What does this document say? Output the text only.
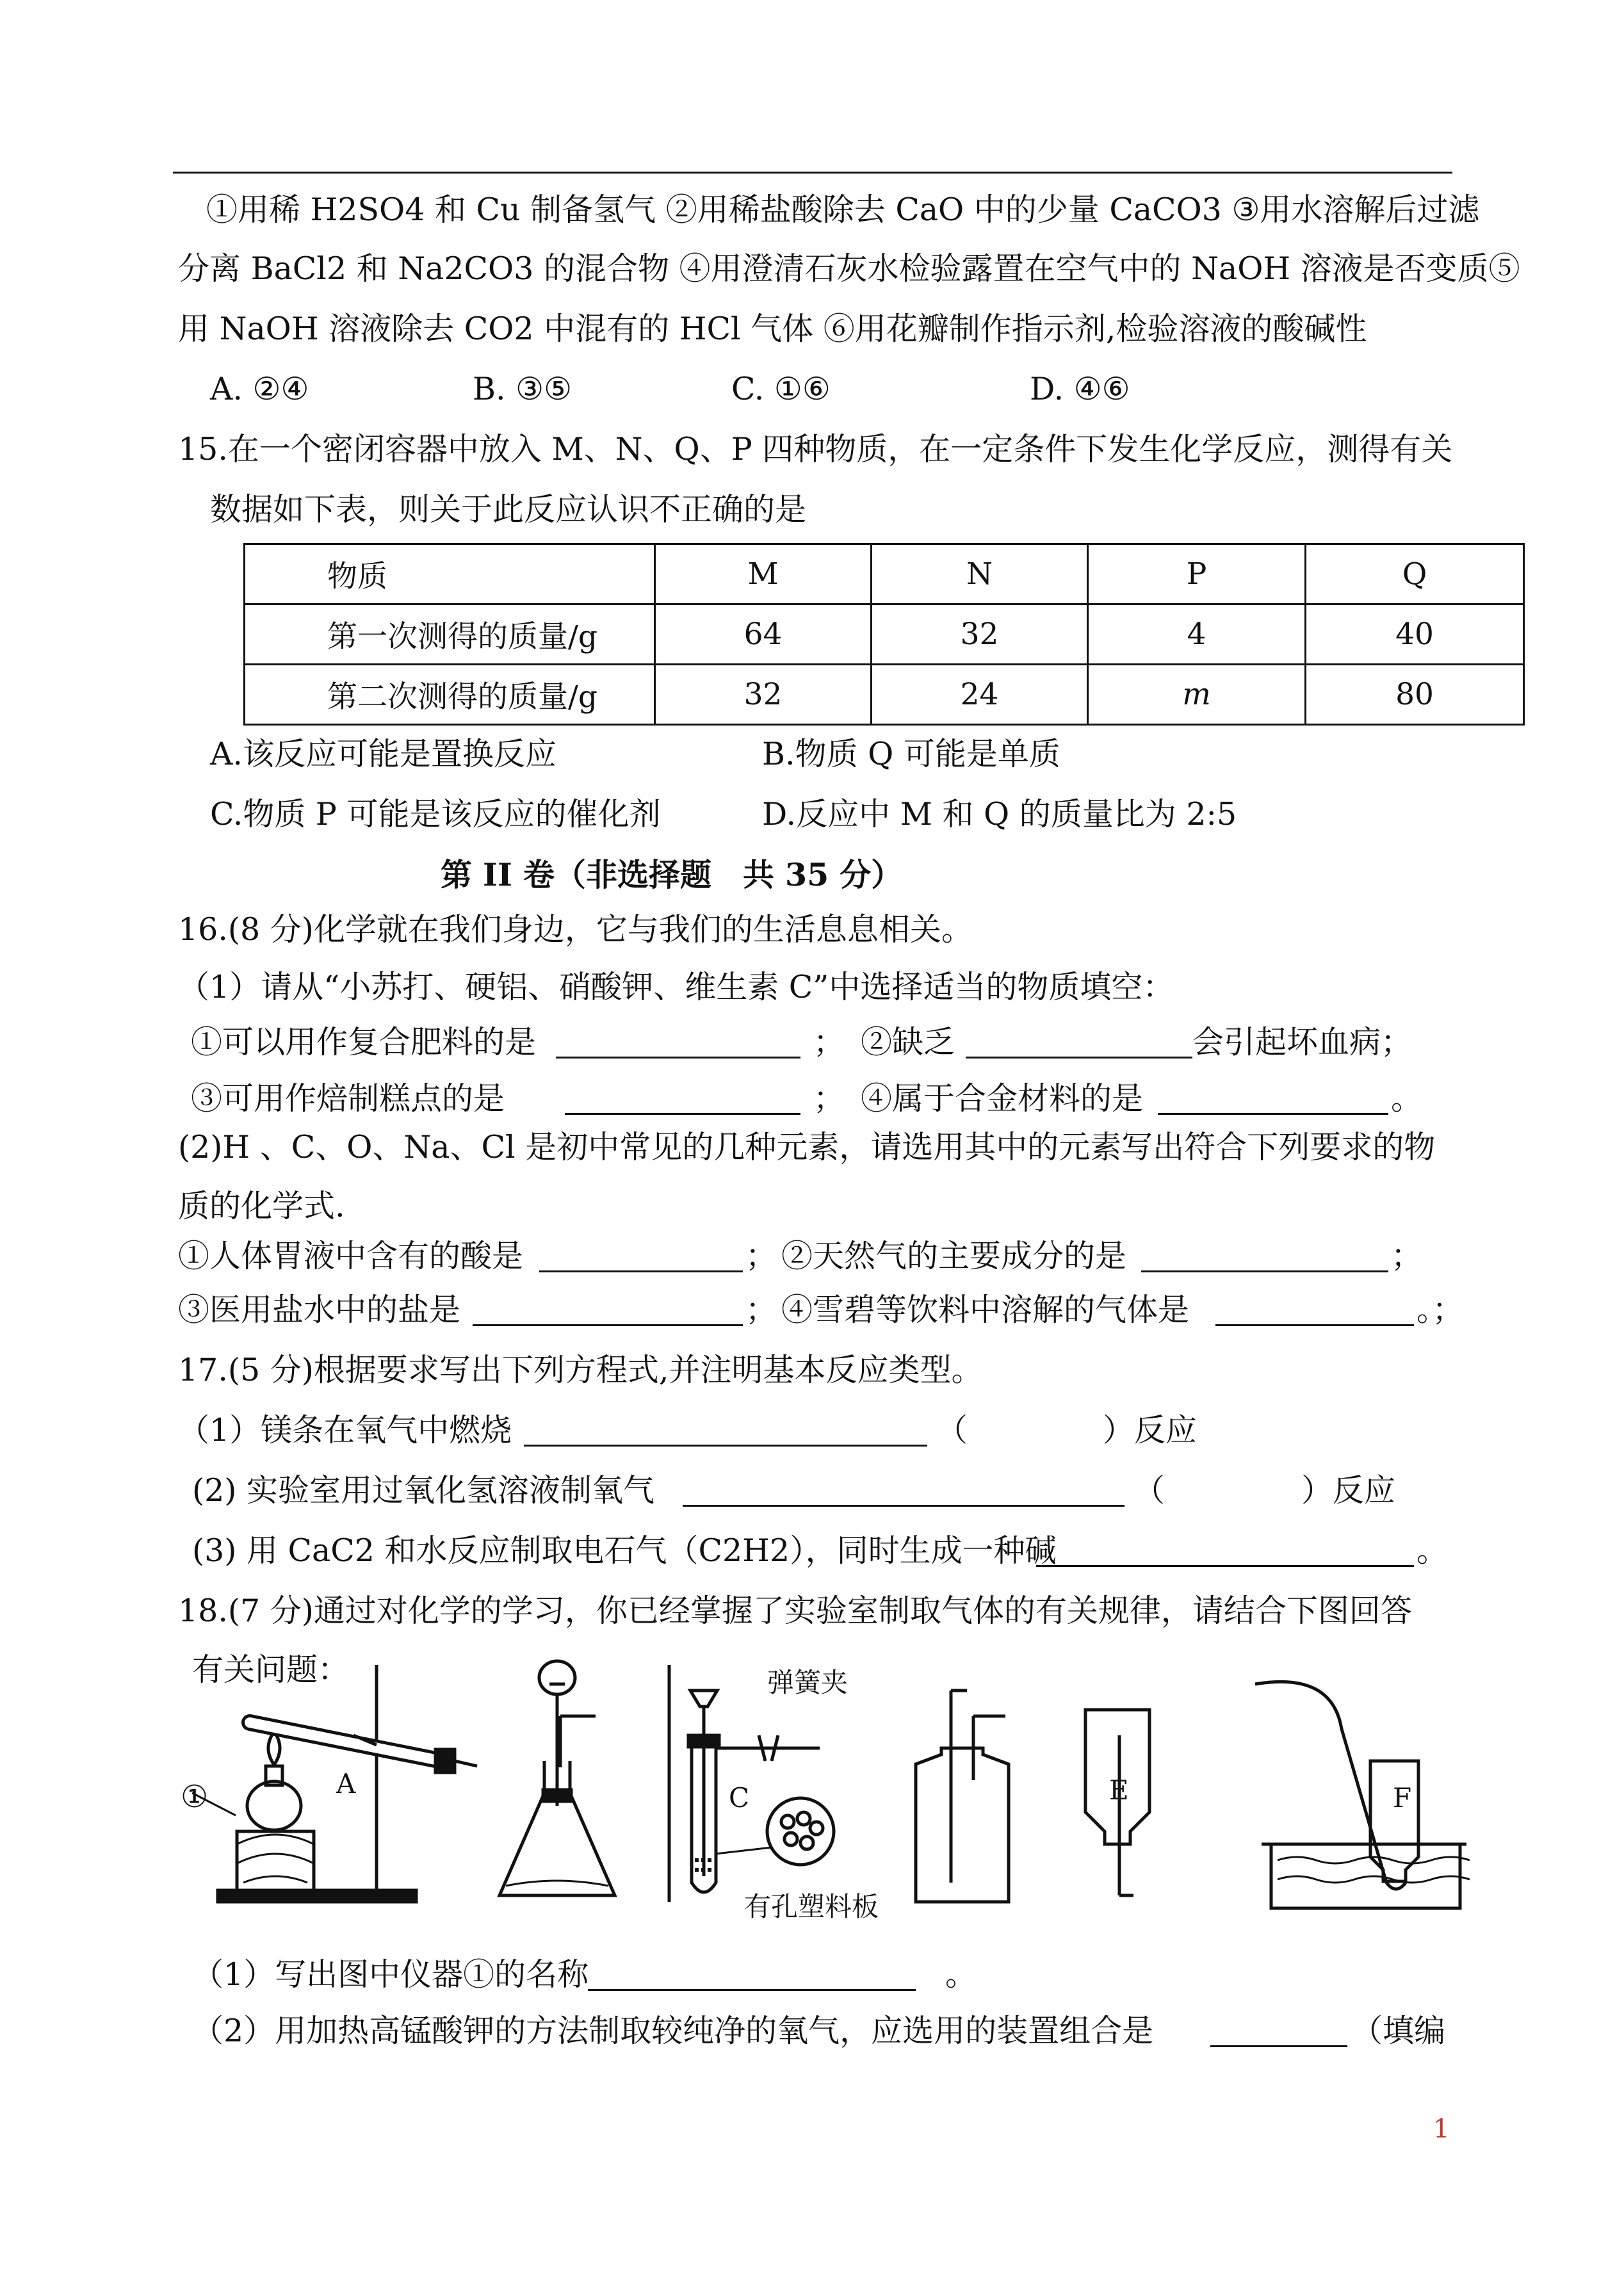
①用稀 H2SO4 和 Cu 制备氢气 ②用稀盐酸除去 CaO 中的少量 CaCO3 ③用水溶解后过滤
分离 BaCl2 和 Na2CO3 的混合物 ④用澄清石灰水检验露置在空气中的 NaOH 溶液是否变质⑤
用 NaOH 溶液除去 CO2 中混有的 HCl 气体 ⑥用花瓣制作指示剂,检验溶液的酸碱性
A. ②④	B. ③⑤	C. ①⑥	D. ④⑥
15.在一个密闭容器中放入 M、N、Q、P 四种物质，在一定条件下发生化学反应，测得有关
数据如下表，则关于此反应认识不正确的是
物质	M	N	P	Q
第一次测得的质量/g	64	32	4	40
第二次测得的质量/g	32	24	m	80
A.该反应可能是置换反应	B.物质 Q 可能是单质
C.物质 P 可能是该反应的催化剂	D.反应中 M 和 Q 的质量比为 2:5
第 II 卷（非选择题　共 35 分）
16.(8 分)化学就在我们身边，它与我们的生活息息相关。
（1）请从“小苏打、硬铝、硝酸钾、维生素 C”中选择适当的物质填空：
①可以用作复合肥料的是	； ②缺乏	会引起坏血病；
③可用作焙制糕点的是	； ④属于合金材料的是	。
(2)H 、C、O、Na、Cl 是初中常见的几种元素，请选用其中的元素写出符合下列要求的物
质的化学式.
①人体胃液中含有的酸是	； ②天然气的主要成分的是	；
③医用盐水中的盐是	； ④雪碧等饮料中溶解的气体是	。；
17.(5 分)根据要求写出下列方程式,并注明基本反应类型。
（1）镁条在氧气中燃烧	（	）反应
(2) 实验室用过氧化氢溶液制氧气	（	）反应
(3) 用 CaC2 和水反应制取电石气（C2H2），同时生成一种碱	。
18.(7 分)通过对化学的学习，你已经掌握了实验室制取气体的有关规律，请结合下图回答
有关问题：
①	A	C	E	F
弹簧夹
有孔塑料板
（1）写出图中仪器①的名称	。
（2）用加热高锰酸钾的方法制取较纯净的氧气，应选用的装置组合是	（填编
1
